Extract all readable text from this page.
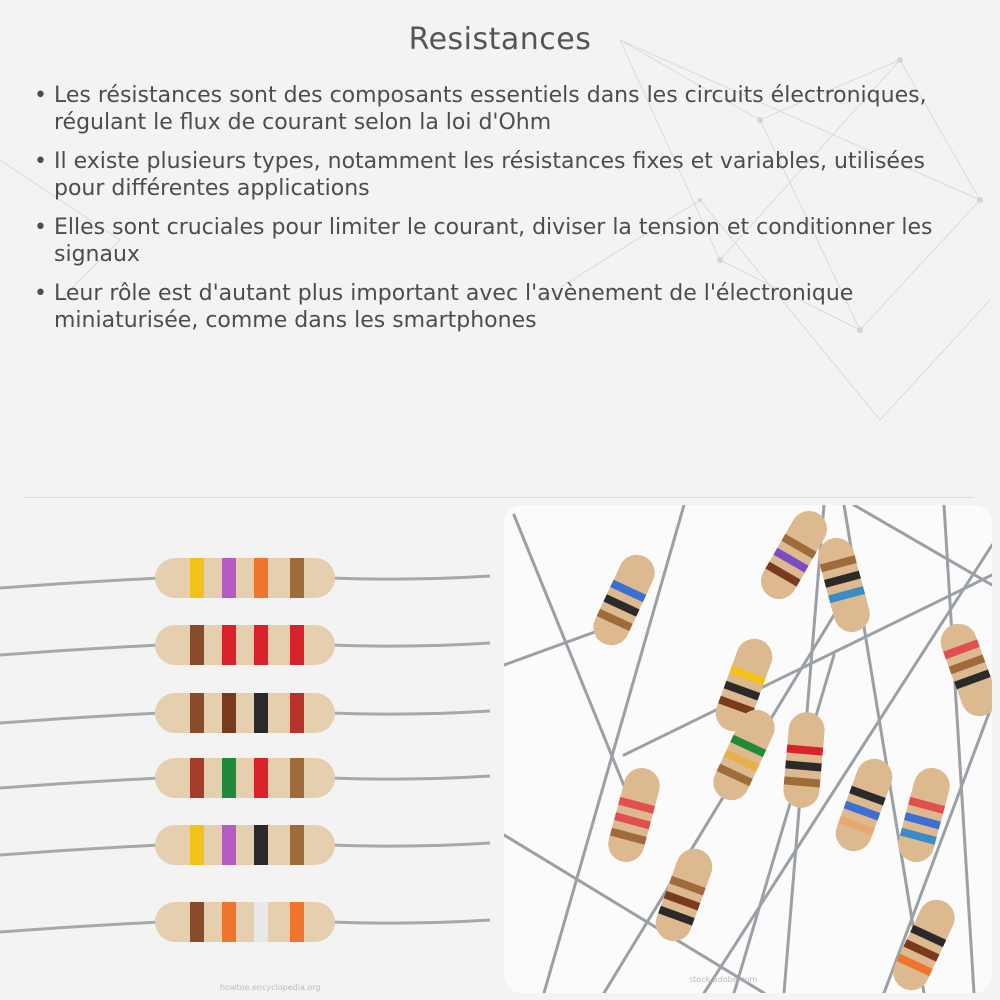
Resistances
• Les résistances sont des composants essentiels dans les circuits électroniques, régulant le flux de courant selon la loi d'Ohm
• Il existe plusieurs types, notamment les résistances fixes et variables, utilisées pour différentes applications
• Elles sont cruciales pour limiter le courant, diviser la tension et conditionner les signaux
• Leur rôle est d'autant plus important avec l'avènement de l'électronique miniaturisée, comme dans les smartphones
howtoe.encyclopedia.org
stock.adobe.com
